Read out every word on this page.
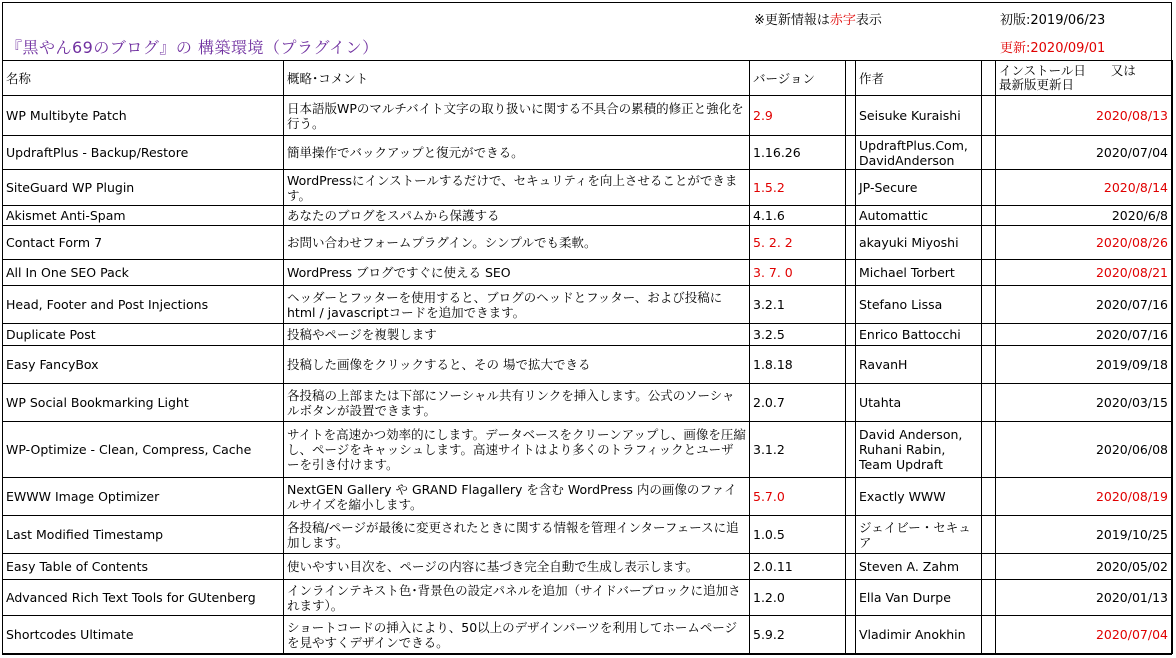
『黒やん69のブログ』の 構築環境（プラグイン）
※更新情報は赤字表示	初版:2019/06/23
更新:2020/09/01
名称	概略･コメント	バージョン		作者		インストール日　　又は
最新版更新日
WP Multibyte Patch	日本語版WPのマルチバイト文字の取り扱いに関する不具合の累積的修正と強化を行う。	2.9		Seisuke Kuraishi		2020/08/13
UpdraftPlus - Backup/Restore	簡単操作でバックアップと復元ができる。	1.16.26		UpdraftPlus.Com, DavidAnderson		2020/07/04
SiteGuard WP Plugin	WordPressにインストールするだけで、セキュリティを向上させることができます。	1.5.2		JP-Secure		2020/8/14
Akismet Anti-Spam	あなたのブログをスパムから保護する	4.1.6		Automattic		2020/6/8
Contact Form 7	お問い合わせフォームプラグイン。シンプルでも柔軟。	5. 2. 2		akayuki Miyoshi		2020/08/26
All In One SEO Pack	WordPress ブログですぐに使える SEO	3. 7. 0		Michael Torbert		2020/08/21
Head, Footer and Post Injections	ヘッダーとフッターを使用すると、ブログのヘッドとフッター、および投稿にhtml / javascriptコードを追加できます。	3.2.1		Stefano Lissa		2020/07/16
Duplicate Post	投稿やページを複製します	3.2.5		Enrico Battocchi		2020/07/16
Easy FancyBox	投稿した画像をクリックすると、その 場で拡大できる	1.8.18		RavanH		2019/09/18
WP Social Bookmarking Light	各投稿の上部または下部にソーシャル共有リンクを挿入します。公式のソーシャルボタンが設置できます。	2.0.7		Utahta		2020/03/15
WP-Optimize - Clean, Compress, Cache	サイトを高速かつ効率的にします。データベースをクリーンアップし、画像を圧縮し、ページをキャッシュします。高速サイトはより多くのトラフィックとユーザーを引き付けます。	3.1.2		David Anderson, Ruhani Rabin, Team Updraft		2020/06/08
EWWW Image Optimizer	NextGEN Gallery や GRAND Flagallery を含む WordPress 内の画像のファイルサイズを縮小します。	5.7.0		Exactly WWW		2020/08/19
Last Modified Timestamp	各投稿/ページが最後に変更されたときに関する情報を管理インターフェースに追加します。	1.0.5		ジェイビー・セキュア		2019/10/25
Easy Table of Contents	使いやすい目次を、ページの内容に基づき完全自動で生成し表示します。	2.0.11		Steven A. Zahm		2020/05/02
Advanced Rich Text Tools for GUtenberg	インラインテキスト色･背景色の設定パネルを追加（サイドバーブロックに追加されます）。	1.2.0		Ella Van Durpe		2020/01/13
Shortcodes Ultimate	ショートコードの挿入により、50以上のデザインパーツを利用してホームページを見やすくデザインできる。	5.9.2		Vladimir Anokhin		2020/07/04
